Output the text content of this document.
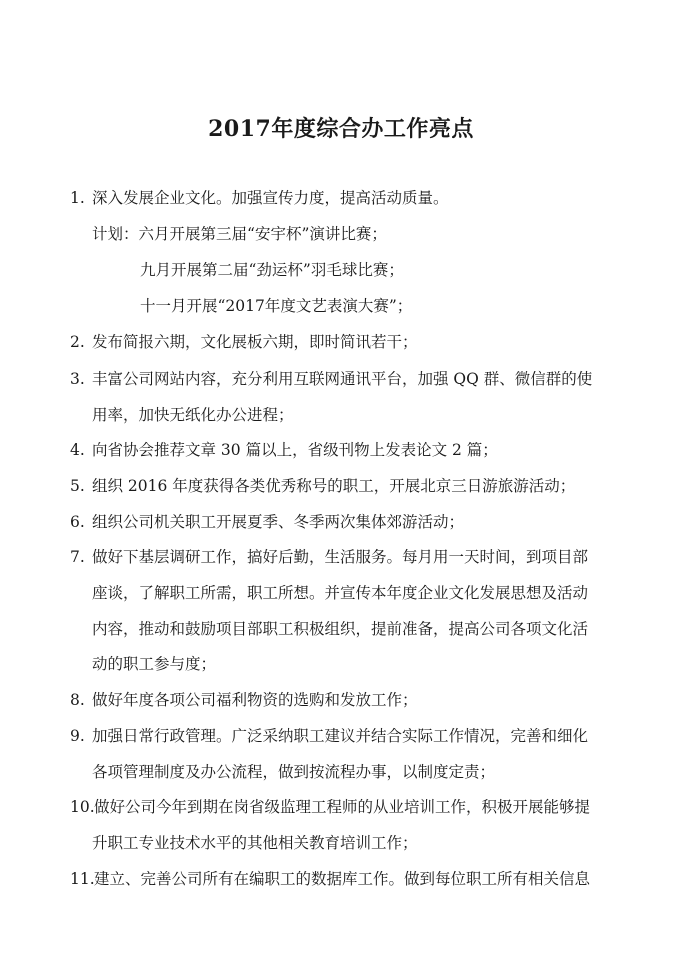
2017年度综合办工作亮点
1. 深入发展企业文化。加强宣传力度，提高活动质量。
计划：六月开展第三届“安宇杯”演讲比赛；
九月开展第二届“劲运杯”羽毛球比赛；
十一月开展“2017年度文艺表演大赛”；
2. 发布简报六期，文化展板六期，即时简讯若干；
3. 丰富公司网站内容，充分利用互联网通讯平台，加强 QQ 群、微信群的使
用率，加快无纸化办公进程；
4. 向省协会推荐文章 30 篇以上，省级刊物上发表论文 2 篇；
5. 组织 2016 年度获得各类优秀称号的职工，开展北京三日游旅游活动；
6. 组织公司机关职工开展夏季、冬季两次集体郊游活动；
7. 做好下基层调研工作，搞好后勤，生活服务。每月用一天时间，到项目部
座谈，了解职工所需，职工所想。并宣传本年度企业文化发展思想及活动
内容，推动和鼓励项目部职工积极组织，提前准备，提高公司各项文化活
动的职工参与度；
8. 做好年度各项公司福利物资的选购和发放工作；
9. 加强日常行政管理。广泛采纳职工建议并结合实际工作情况，完善和细化
各项管理制度及办公流程，做到按流程办事，以制度定责；
10.做好公司今年到期在岗省级监理工程师的从业培训工作，积极开展能够提
升职工专业技术水平的其他相关教育培训工作；
11.建立、完善公司所有在编职工的数据库工作。做到每位职工所有相关信息
